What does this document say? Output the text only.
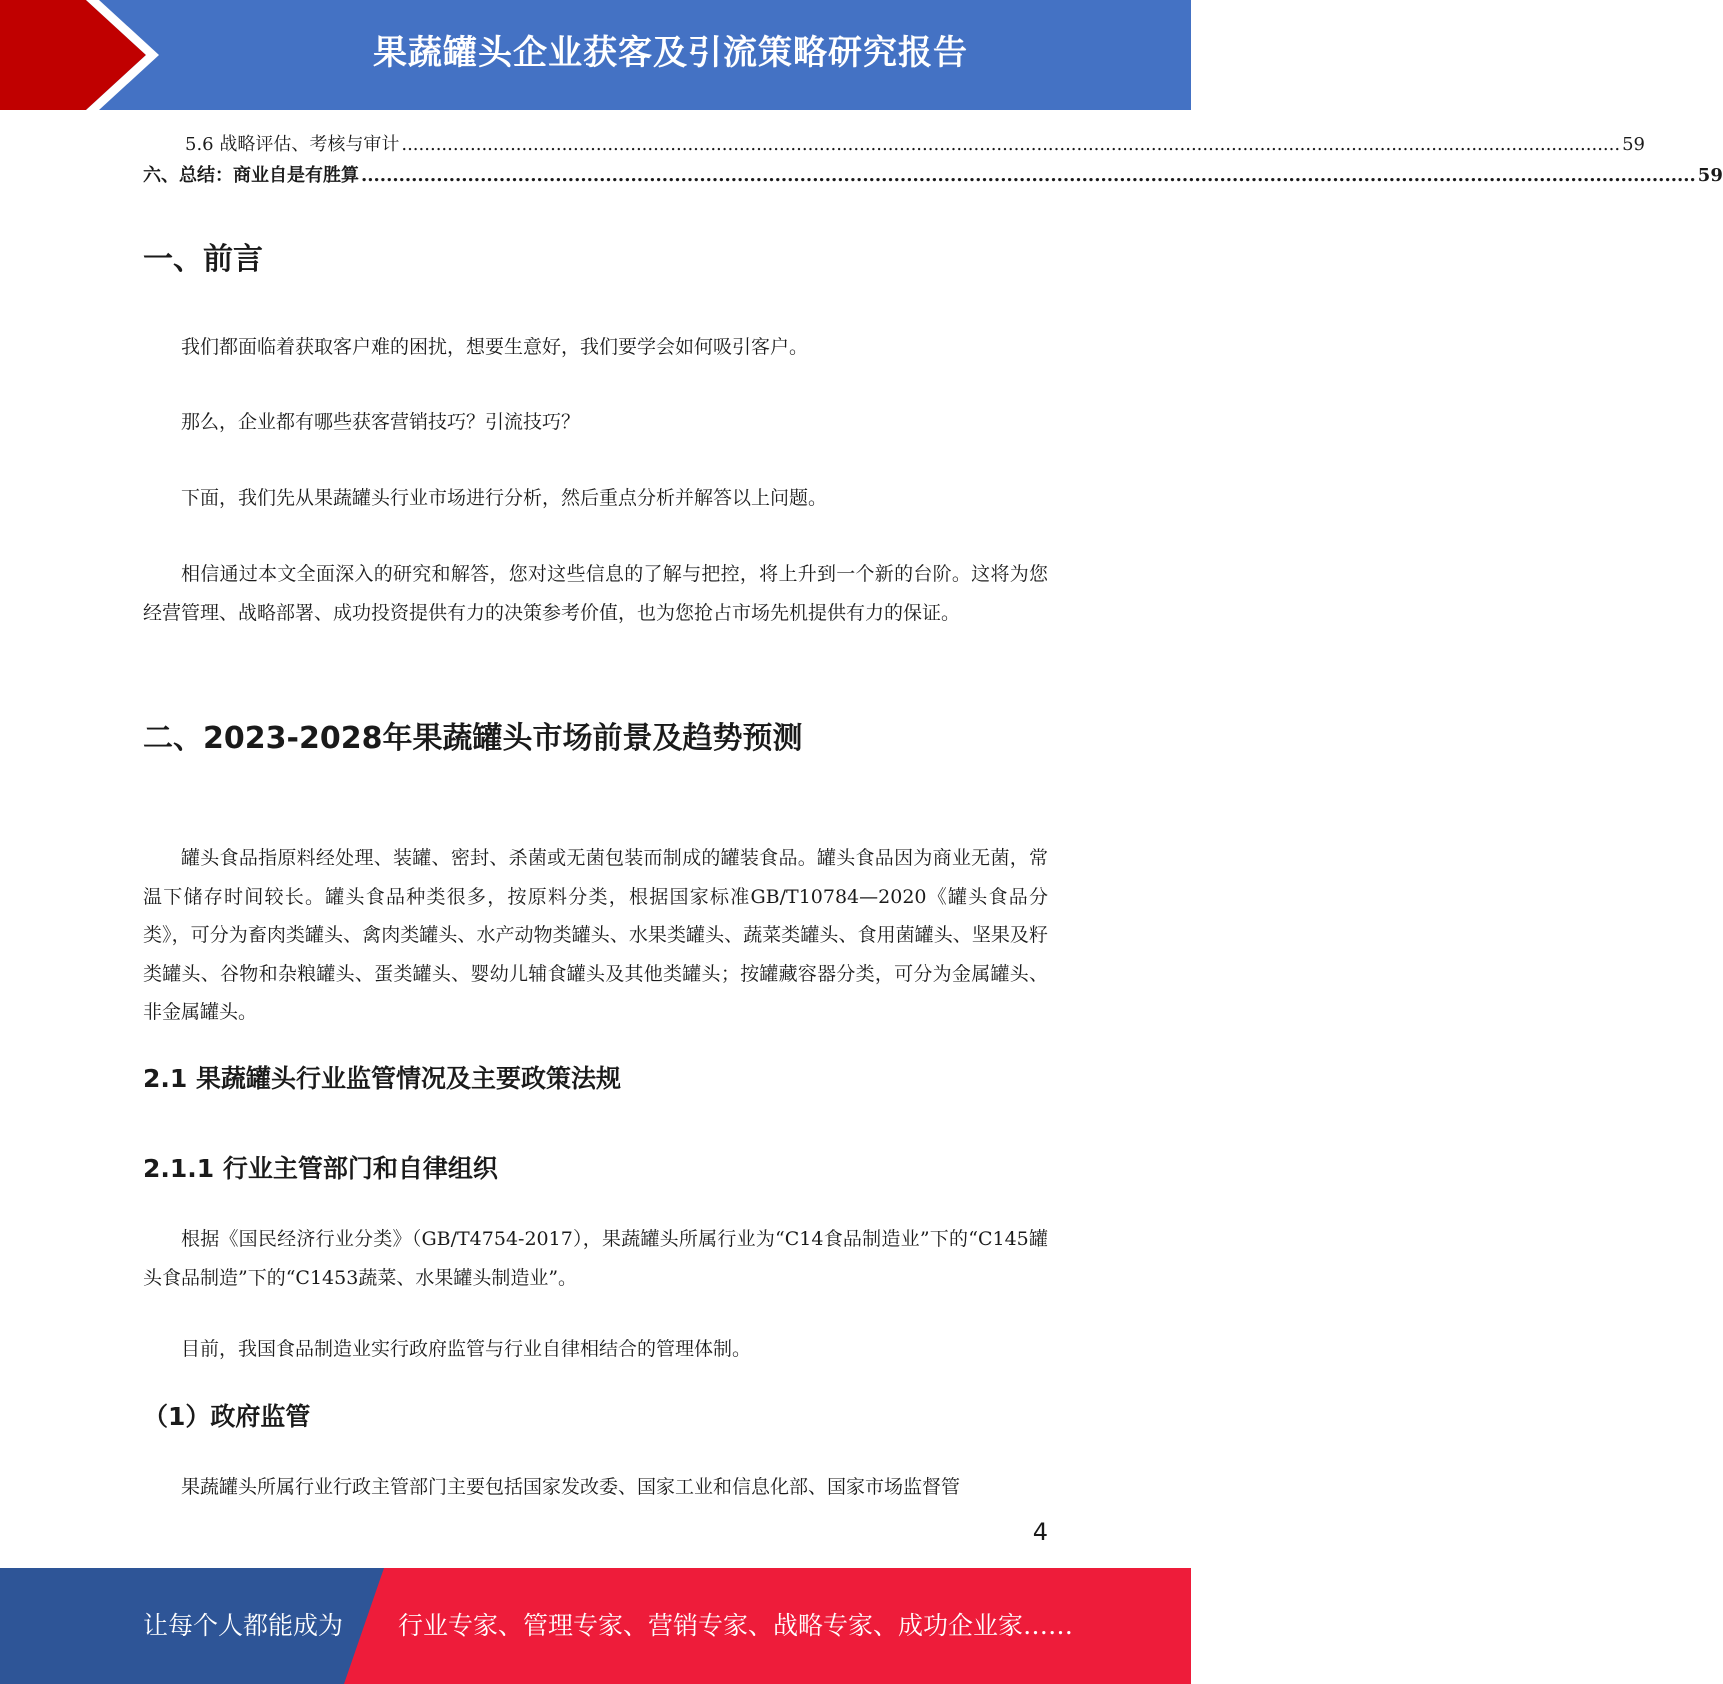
果蔬罐头企业获客及引流策略研究报告
5.6 战略评估、考核与审计 ..................................................................................................................................................................................................................... 59
六、总结：商业自是有胜算 ..................................................................................................................................................................................................................... 59
一、前言

我们都面临着获取客户难的困扰，想要生意好，我们要学会如何吸引客户。

那么，企业都有哪些获客营销技巧？引流技巧？

下面，我们先从果蔬罐头行业市场进行分析，然后重点分析并解答以上问题。

相信通过本文全面深入的研究和解答，您对这些信息的了解与把控，将上升到一个新的台阶。这将为您经营管理、战略部署、成功投资提供有力的决策参考价值，也为您抢占市场先机提供有力的保证。

二、2023-2028年果蔬罐头市场前景及趋势预测

罐头食品指原料经处理、装罐、密封、杀菌或无菌包装而制成的罐装食品。罐头食品因为商业无菌，常温下储存时间较长。罐头食品种类很多，按原料分类，根据国家标准GB/T10784—2020《罐头食品分类》，可分为畜肉类罐头、禽肉类罐头、水产动物类罐头、水果类罐头、蔬菜类罐头、食用菌罐头、坚果及籽类罐头、谷物和杂粮罐头、蛋类罐头、婴幼儿辅食罐头及其他类罐头；按罐藏容器分类，可分为金属罐头、非金属罐头。

2.1 果蔬罐头行业监管情况及主要政策法规
2.1.1 行业主管部门和自律组织

根据《国民经济行业分类》（GB/T4754-2017），果蔬罐头所属行业为“C14食品制造业”下的“C145罐头食品制造”下的“C1453蔬菜、水果罐头制造业”。

目前，我国食品制造业实行政府监管与行业自律相结合的管理体制。

（1）政府监管

果蔬罐头所属行业行政主管部门主要包括国家发改委、国家工业和信息化部、国家市场监督管

4
让每个人都能成为 行业专家、管理专家、营销专家、战略专家、成功企业家……
